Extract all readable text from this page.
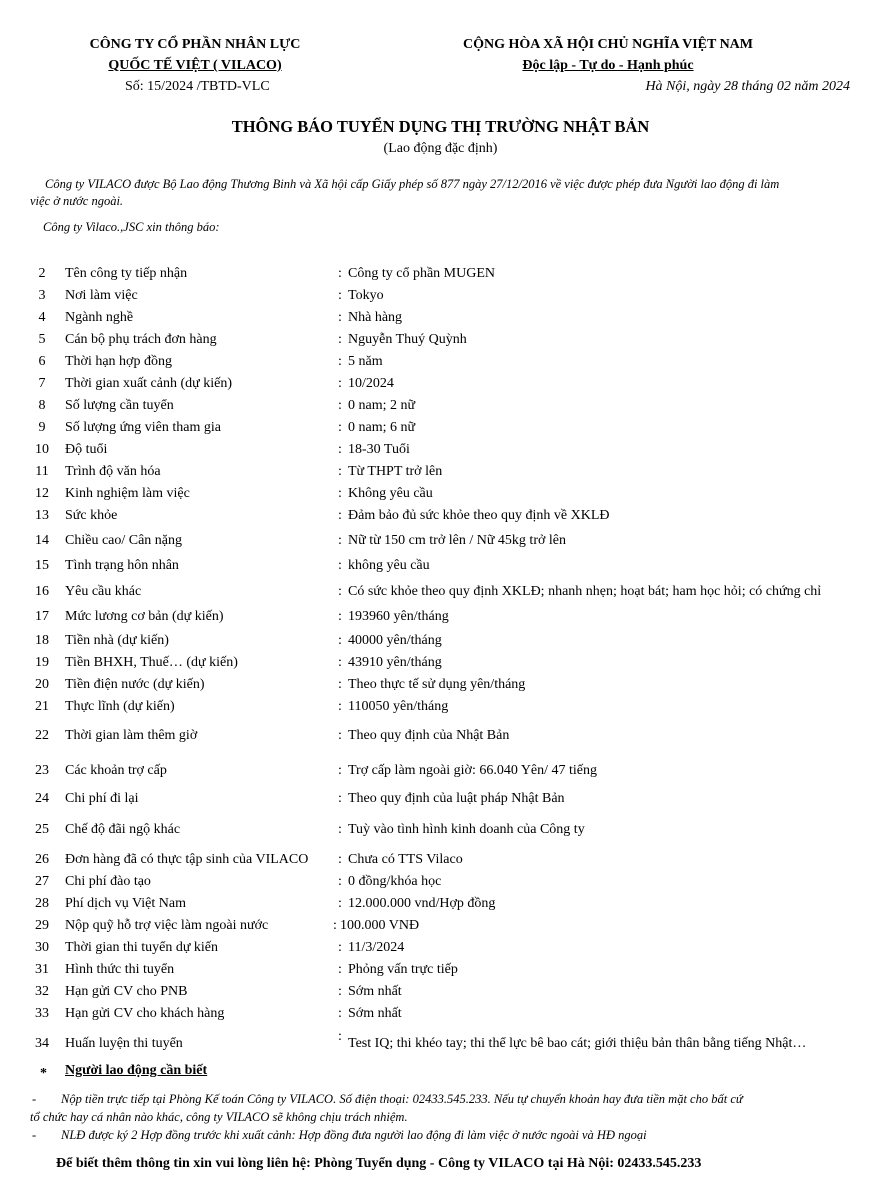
CÔNG TY CỔ PHẦN NHÂN LỰC
QUỐC TẾ VIỆT ( VILACO)
Số: 15/2024 /TBTD-VLC
CỘNG HÒA XÃ HỘI CHỦ NGHĨA VIỆT NAM
Độc lập - Tự do - Hạnh phúc
Hà Nội, ngày 28 tháng 02 năm 2024
THÔNG BÁO TUYỂN DỤNG THỊ TRƯỜNG NHẬT BẢN
(Lao động đặc định)
Công ty VILACO được Bộ Lao động Thương Binh và Xã hội cấp Giấy phép số 877 ngày 27/12/2016 về việc được phép đưa Người lao động đi làm
việc ở nước ngoài.
Công ty Vilaco.,JSC xin thông báo:
2	Tên công ty tiếp nhận	: Công ty cổ phần MUGEN
3	Nơi làm việc	: Tokyo
4	Ngành nghề	: Nhà hàng
5	Cán bộ phụ trách đơn hàng	: Nguyễn Thuý Quỳnh
6	Thời hạn hợp đồng	: 5 năm
7	Thời gian xuất cảnh (dự kiến)	: 10/2024
8	Số lượng cần tuyển	: 0 nam; 2 nữ
9	Số lượng ứng viên tham gia	: 0 nam; 6 nữ
10 Độ tuổi	: 18-30 Tuổi
11 Trình độ văn hóa	: Từ THPT trở lên
12 Kinh nghiệm làm việc	: Không yêu cầu
13 Sức khỏe	: Đảm bảo đủ sức khỏe theo quy định về XKLĐ
14 Chiều cao/ Cân nặng	: Nữ từ 150 cm trở lên / Nữ 45kg trở lên
15 Tình trạng hôn nhân	: không yêu cầu
16 Yêu cầu khác	: Có sức khỏe theo quy định XKLĐ; nhanh nhẹn; hoạt bát; ham học hỏi; có chứng chỉ
17 Mức lương cơ bản (dự kiến)	: 193960 yên/tháng
18 Tiền nhà (dự kiến)	: 40000 yên/tháng
19 Tiền BHXH, Thuế… (dự kiến)	: 43910 yên/tháng
20 Tiền điện nước (dự kiến)	: Theo thực tế sử dụng yên/tháng
21 Thực lĩnh (dự kiến)	: 110050 yên/tháng
22 Thời gian làm thêm giờ	: Theo quy định của Nhật Bản
23 Các khoản trợ cấp	: Trợ cấp làm ngoài giờ: 66.040 Yên/ 47 tiếng
24 Chi phí đi lại	: Theo quy định của luật pháp Nhật Bản
25 Chế độ đãi ngộ khác	: Tuỳ vào tình hình kinh doanh của Công ty
26 Đơn hàng đã có thực tập sinh của VILACO : Chưa có TTS Vilaco
27 Chi phí đào tạo	: 0 đồng/khóa học
28 Phí dịch vụ Việt Nam	: 12.000.000 vnd/Hợp đồng
29 Nộp quỹ hỗ trợ việc làm ngoài nước	: 100.000 VNĐ
30 Thời gian thi tuyển dự kiến	: 11/3/2024
31 Hình thức thi tuyển	: Phỏng vấn trực tiếp
32 Hạn gửi CV cho PNB	: Sớm nhất
33 Hạn gửi CV cho khách hàng	: Sớm nhất
34 Huấn luyện thi tuyển	: Test IQ; thi khéo tay; thi thể lực bê bao cát; giới thiệu bản thân bằng tiếng Nhật…
* Người lao động cần biết
- Nộp tiền trực tiếp tại Phòng Kế toán Công ty VILACO. Số điện thoại: 02433.545.233. Nếu tự chuyển khoản hay đưa tiền mặt cho bất cứ
tổ chức hay cá nhân nào khác, công ty VILACO sẽ không chịu trách nhiệm.
- NLĐ được ký 2 Hợp đồng trước khi xuất cảnh: Hợp đồng đưa người lao động đi làm việc ở nước ngoài và HĐ ngoại
Để biết thêm thông tin xin vui lòng liên hệ: Phòng Tuyển dụng - Công ty VILACO tại Hà Nội: 02433.545.233
